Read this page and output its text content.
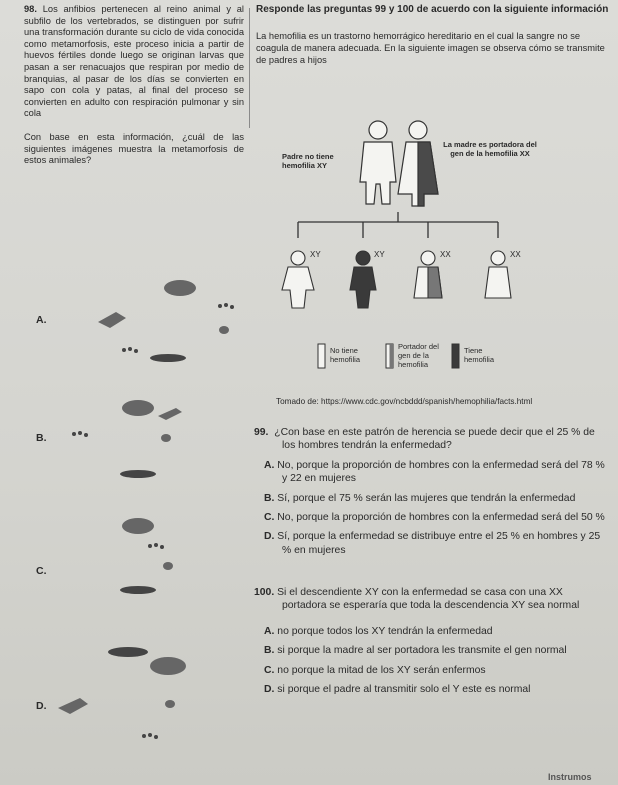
98. Los anfibios pertenecen al reino animal y al subfilo de los vertebrados, se distinguen por sufrir una transformación durante su ciclo de vida conocida como metamorfosis, este proceso inicia a partir de huevos fértiles donde luego se originan larvas que pasan a ser renacuajos que respiran por medio de branquias, al pasar de los días se convierten en sapo con cola y patas, al final del proceso se convierten en adulto con respiración pulmonar y sin cola

Con base en esta información, ¿cuál de las siguientes imágenes muestra la metamorfosis de estos animales?

Responde las preguntas 99 y 100 de acuerdo con la siguiente información

La hemofilia es un trastorno hemorrágico hereditario en el cual la sangre no se coagula de manera adecuada. En la siguiente imagen se observa cómo se transmite de padres a hijos

Padre no tiene hemofilia XY
La madre es portadora del gen de la hemofilia XX
XY	XY	XX	XX
No tiene hemofilia
Portador del gen de la hemofilia
Tiene hemofilia
Tomado de: https://www.cdc.gov/ncbddd/spanish/hemophilia/facts.html
A.
B.
C.
D.
99. ¿Con base en este patrón de herencia se puede decir que el 25 % de los hombres tendrán la enfermedad?
A. No, porque la proporción de hombres con la enfermedad será del 78 % y 22 en mujeres
B. Sí, porque el 75 % serán las mujeres que tendrán la enfermedad
C. No, porque la proporción de hombres con la enfermedad será del 50 %
D. Sí, porque la enfermedad se distribuye entre el 25 % en hombres y 25 % en mujeres
100. Si el descendiente XY con la enfermedad se casa con una XX portadora se esperaría que toda la descendencia XY sea normal
A. no porque todos los XY tendrán la enfermedad
B. si porque la madre al ser portadora les transmite el gen normal
C. no porque la mitad de los XY serán enfermos
D. si porque el padre al transmitir solo el Y este es normal
Instrumos
